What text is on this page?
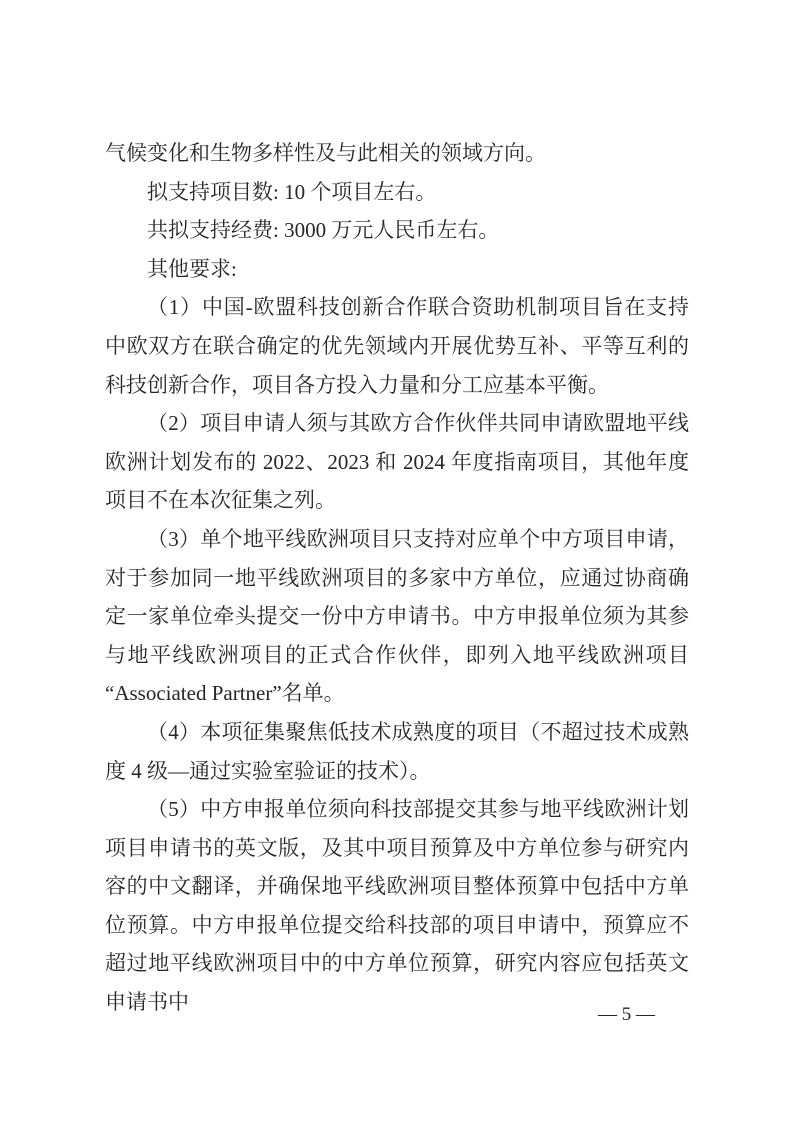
气候变化和生物多样性及与此相关的领域方向。

拟支持项目数: 10 个项目左右。

共拟支持经费: 3000 万元人民币左右。

其他要求:

（1）中国-欧盟科技创新合作联合资助机制项目旨在支持中欧双方在联合确定的优先领域内开展优势互补、平等互利的科技创新合作，项目各方投入力量和分工应基本平衡。

（2）项目申请人须与其欧方合作伙伴共同申请欧盟地平线欧洲计划发布的 2022、2023 和 2024 年度指南项目，其他年度项目不在本次征集之列。

（3）单个地平线欧洲项目只支持对应单个中方项目申请，对于参加同一地平线欧洲项目的多家中方单位，应通过协商确定一家单位牵头提交一份中方申请书。中方申报单位须为其参与地平线欧洲项目的正式合作伙伴，即列入地平线欧洲项目“Associated Partner”名单。

（4）本项征集聚焦低技术成熟度的项目（不超过技术成熟度 4 级—通过实验室验证的技术）。

（5）中方申报单位须向科技部提交其参与地平线欧洲计划项目申请书的英文版，及其中项目预算及中方单位参与研究内容的中文翻译，并确保地平线欧洲项目整体预算中包括中方单位预算。中方申报单位提交给科技部的项目申请中，预算应不超过地平线欧洲项目中的中方单位预算，研究内容应包括英文申请书中

— 5 —
